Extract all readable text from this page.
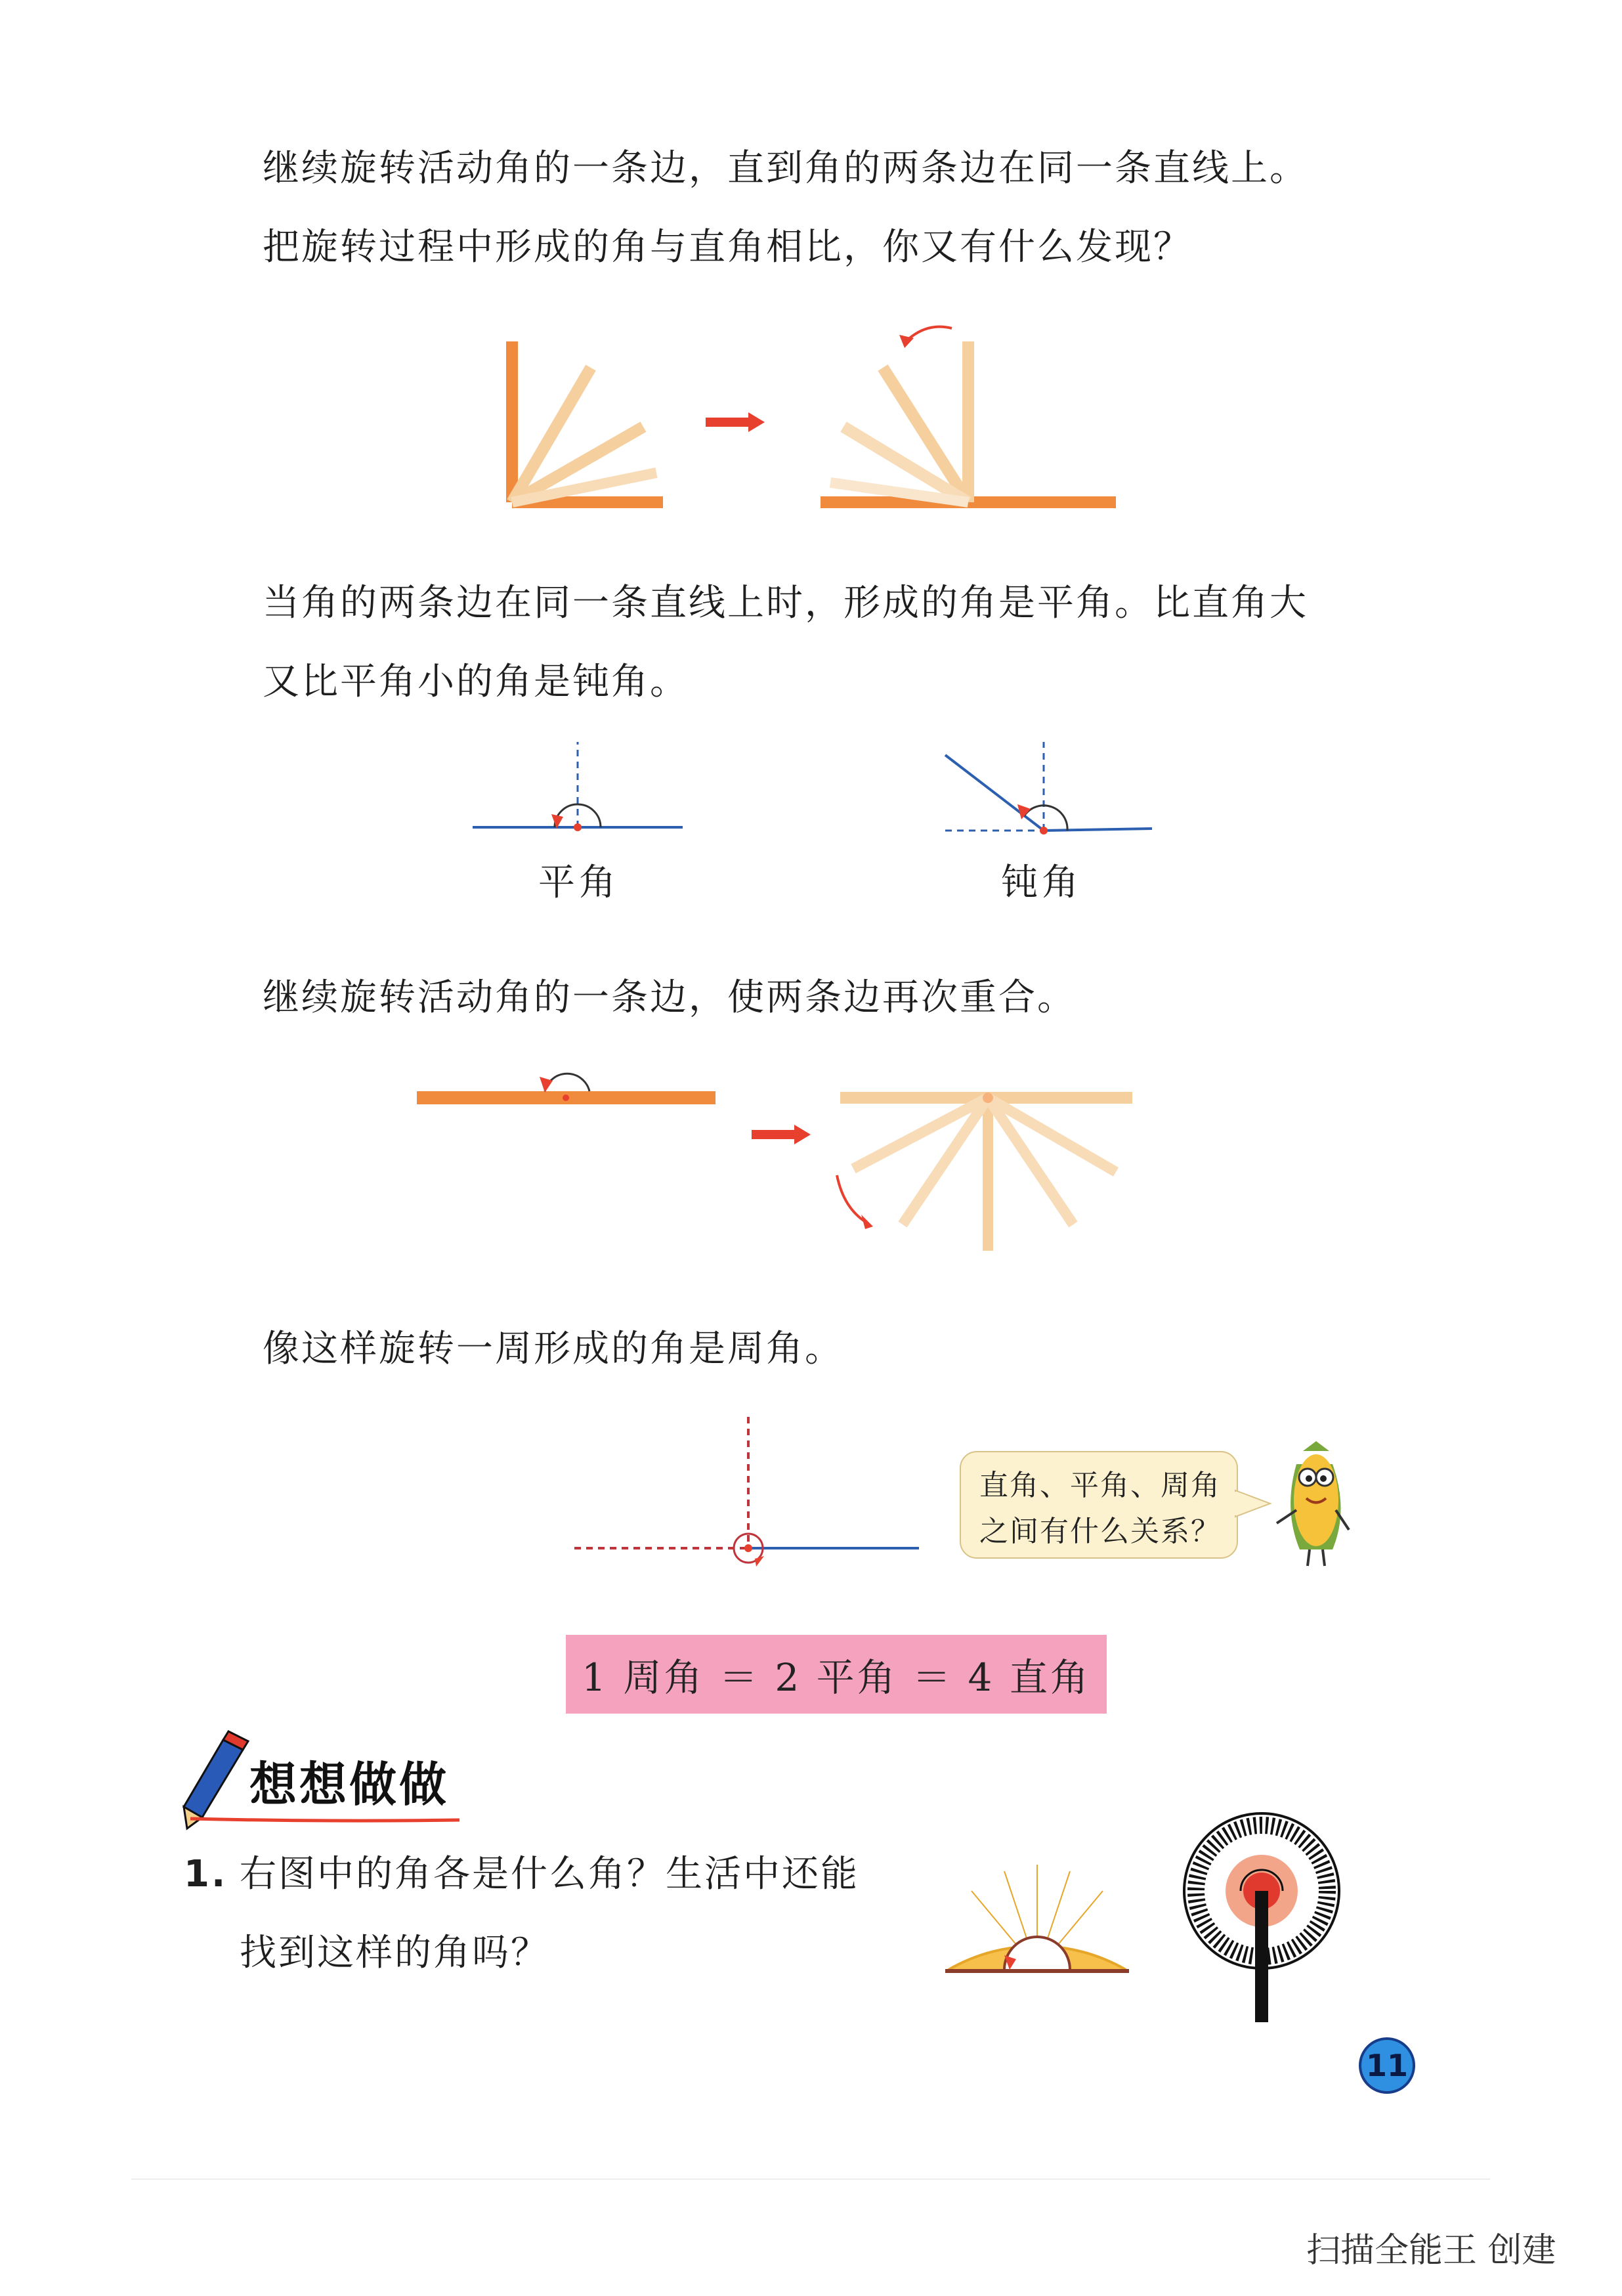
继续旋转活动角的一条边，直到角的两条边在同一条直线上。
把旋转过程中形成的角与直角相比，你又有什么发现？
当角的两条边在同一条直线上时，形成的角是平角。比直角大
又比平角小的角是钝角。
平角	钝角
继续旋转活动角的一条边，使两条边再次重合。
像这样旋转一周形成的角是周角。
直角、平角、周角
之间有什么关系？
1 周角 ＝ 2 平角 ＝ 4 直角
想想做做
1. 右图中的角各是什么角？生活中还能
找到这样的角吗？
11
扫描全能王 创建
